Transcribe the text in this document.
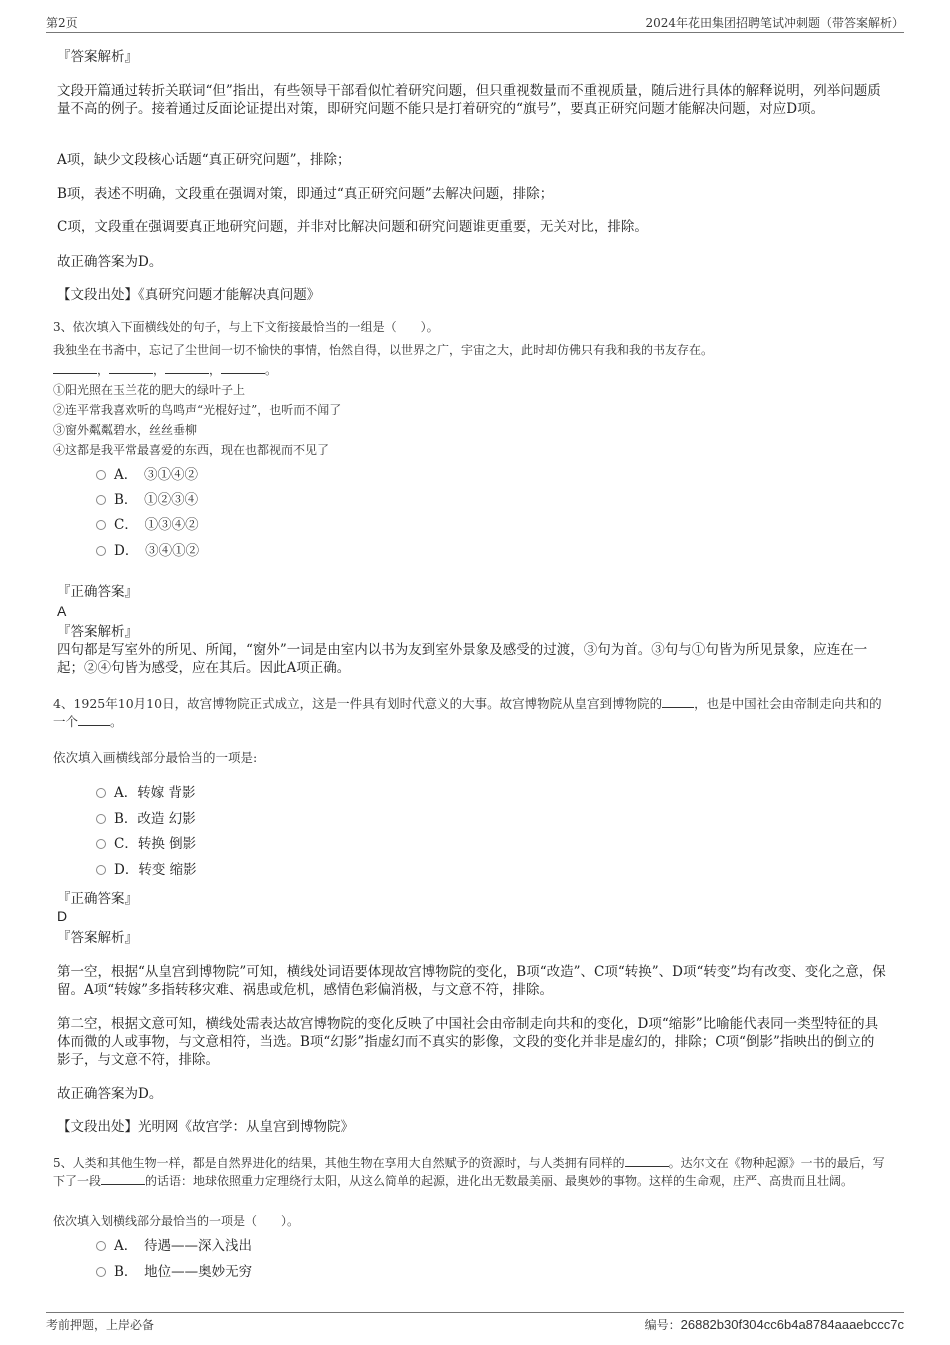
第2页	2024年花田集团招聘笔试冲刺题（带答案解析）
『答案解析』
文段开篇通过转折关联词“但”指出，有些领导干部看似忙着研究问题，但只重视数量而不重视质量，随后进行具体的解释说明，列举问题质量不高的例子。接着通过反面论证提出对策，即研究问题不能只是打着研究的“旗号”，要真正研究问题才能解决问题，对应D项。
A项，缺少文段核心话题“真正研究问题”，排除；
B项，表述不明确，文段重在强调对策，即通过“真正研究问题”去解决问题，排除；
C项，文段重在强调要真正地研究问题，并非对比解决问题和研究问题谁更重要，无关对比，排除。
故正确答案为D。
【文段出处】《真研究问题才能解决真问题》
3、依次填入下面横线处的句子，与上下文衔接最恰当的一组是（　　）。
我独坐在书斋中，忘记了尘世间一切不愉快的事情，怡然自得，以世界之广，宇宙之大，此时却仿佛只有我和我的书友存在。
，	，	，	。
①阳光照在玉兰花的肥大的绿叶子上
②连平常我喜欢听的鸟鸣声“光棍好过”，也听而不闻了
③窗外粼粼碧水，丝丝垂柳
④这都是我平常最喜爱的东西，现在也都视而不见了
A．　③①④②
B．　①②③④
C．　①③④②
D．　③④①②
『正确答案』
A
『答案解析』
四句都是写室外的所见、所闻，“窗外”一词是由室内以书为友到室外景象及感受的过渡，③句为首。③句与①句皆为所见景象，应连在一起；②④句皆为感受，应在其后。因此A项正确。
4、1925年10月10日，故宫博物院正式成立，这是一件具有划时代意义的大事。故宫博物院从皇宫到博物院的	，也是中国社会由帝制走向共和的一个	。
依次填入画横线部分最恰当的一项是:
A．转嫁 背影
B．改造 幻影
C．转换 倒影
D．转变 缩影
『正确答案』
D
『答案解析』
第一空，根据“从皇宫到博物院”可知，横线处词语要体现故宫博物院的变化，B项“改造”、C项“转换”、D项“转变”均有改变、变化之意，保留。A项“转嫁”多指转移灾难、祸患或危机，感情色彩偏消极，与文意不符，排除。
第二空，根据文意可知，横线处需表达故宫博物院的变化反映了中国社会由帝制走向共和的变化，D项“缩影”比喻能代表同一类型特征的具体而微的人或事物，与文意相符，当选。B项“幻影”指虚幻而不真实的影像，文段的变化并非是虚幻的，排除；C项“倒影”指映出的倒立的影子，与文意不符，排除。
故正确答案为D。
【文段出处】光明网《故宫学：从皇宫到博物院》
5、人类和其他生物一样，都是自然界进化的结果，其他生物在享用大自然赋予的资源时，与人类拥有同样的	。达尔文在《物种起源》一书的最后，写下了一段	的话语：地球依照重力定理绕行太阳，从这么简单的起源，进化出无数最美丽、最奥妙的事物。这样的生命观，庄严、高贵而且壮阔。
依次填入划横线部分最恰当的一项是（　　）。
A．　待遇——深入浅出
B．　地位——奥妙无穷
考前押题，上岸必备	编号：26882b30f304cc6b4a8784aaaebccc7c
